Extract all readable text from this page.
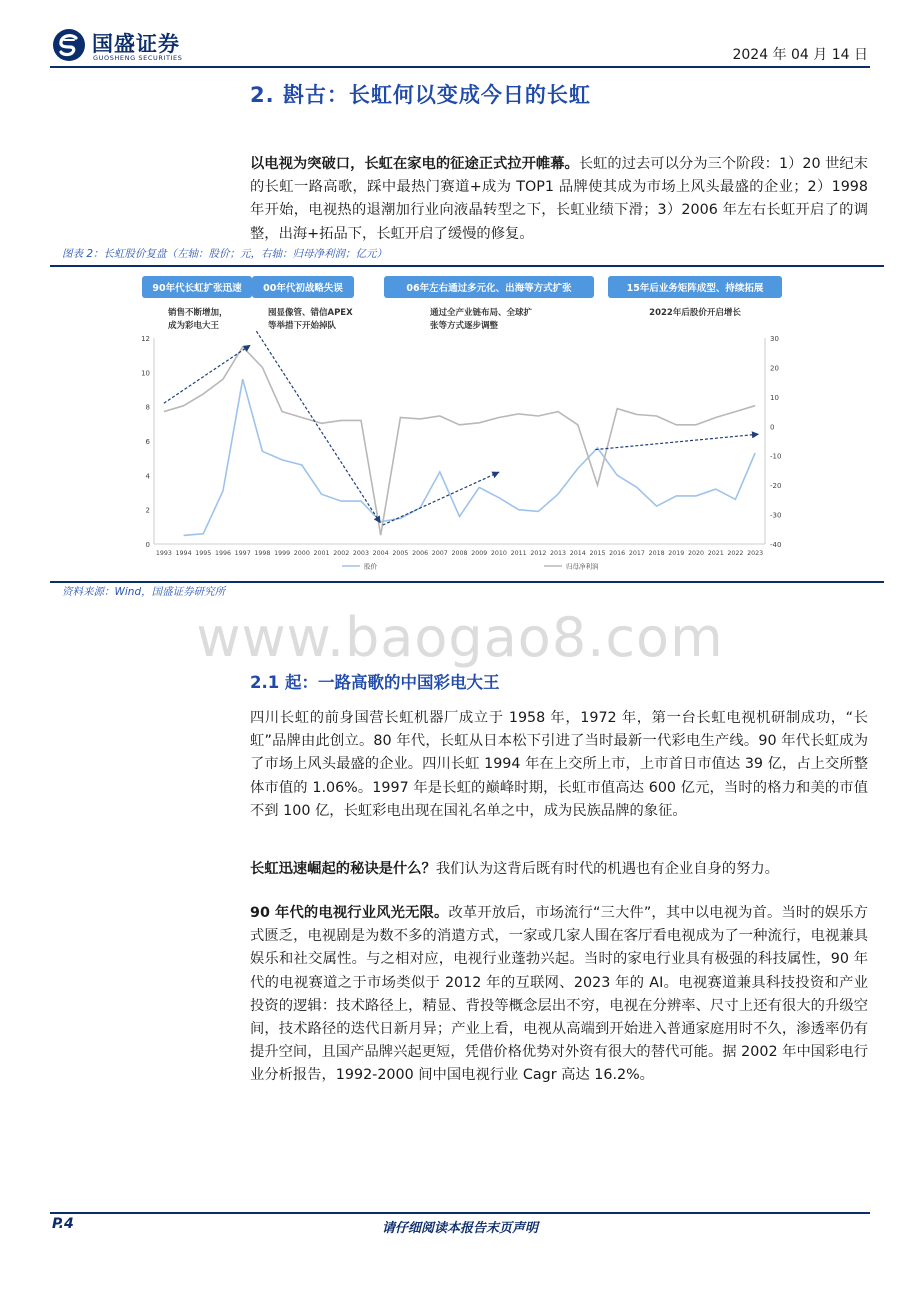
国盛证券
GUOSHENG SECURITIES	2024 年 04 月 14 日
2. 斟古：长虹何以变成今日的长虹
以电视为突破口，长虹在家电的征途正式拉开帷幕。长虹的过去可以分为三个阶段：1）20 世纪末的长虹一路高歌，踩中最热门赛道+成为 TOP1 品牌使其成为市场上风头最盛的企业；2）1998 年开始，电视热的退潮加行业向液晶转型之下，长虹业绩下滑；3）2006 年左右长虹开启了的调整，出海+拓品下，长虹开启了缓慢的修复。
图表 2：长虹股价复盘（左轴：股价；元，右轴：归母净利润；亿元）
90年代长虹扩张迅速 00年代初战略失误	06年左右通过多元化、出海等方式扩张	15年后业务矩阵成型、持续拓展
销售不断增加，
成为彩电大王
囤显像管、错信APEX
等举措下开始掉队
通过全产业链布局、全球扩
张等方式逐步调整
2022年后股价开启增长
0
2
4
6
8
10
12
-40
-30
-20
-10
0
10
20
30
1993 1994 1995 1996 1997 1998 1999 2000 2001 2002 2003 2004 2005 2006 2007 2008 2009 2010 2011 2012 2013 2014 2015 2016 2017 2018 2019 2020 2021 2022 2023
股价	归母净利润
资料来源：Wind，国盛证券研究所
www.baogao8.com
2.1 起：一路高歌的中国彩电大王
四川长虹的前身国营长虹机器厂成立于 1958 年，1972 年，第一台长虹电视机研制成功，“长虹”品牌由此创立。80 年代，长虹从日本松下引进了当时最新一代彩电生产线。90 年代长虹成为了市场上风头最盛的企业。四川长虹 1994 年在上交所上市，上市首日市值达 39 亿，占上交所整体市值的 1.06%。1997 年是长虹的巅峰时期，长虹市值高达 600 亿元，当时的格力和美的市值不到 100 亿，长虹彩电出现在国礼名单之中，成为民族品牌的象征。
长虹迅速崛起的秘诀是什么？我们认为这背后既有时代的机遇也有企业自身的努力。
90 年代的电视行业风光无限。改革开放后，市场流行“三大件”，其中以电视为首。当时的娱乐方式匮乏，电视剧是为数不多的消遣方式，一家或几家人围在客厅看电视成为了一种流行，电视兼具娱乐和社交属性。与之相对应，电视行业蓬勃兴起。当时的家电行业具有极强的科技属性，90 年代的电视赛道之于市场类似于 2012 年的互联网、2023 年的 AI。电视赛道兼具科技投资和产业投资的逻辑：技术路径上，精显、背投等概念层出不穷，电视在分辨率、尺寸上还有很大的升级空间，技术路径的迭代日新月异；产业上看，电视从高端到开始进入普通家庭用时不久，渗透率仍有提升空间，且国产品牌兴起更短，凭借价格优势对外资有很大的替代可能。据 2002 年中国彩电行业分析报告，1992-2000 间中国电视行业 Cagr 高达 16.2%。
P.4	请仔细阅读本报告末页声明
